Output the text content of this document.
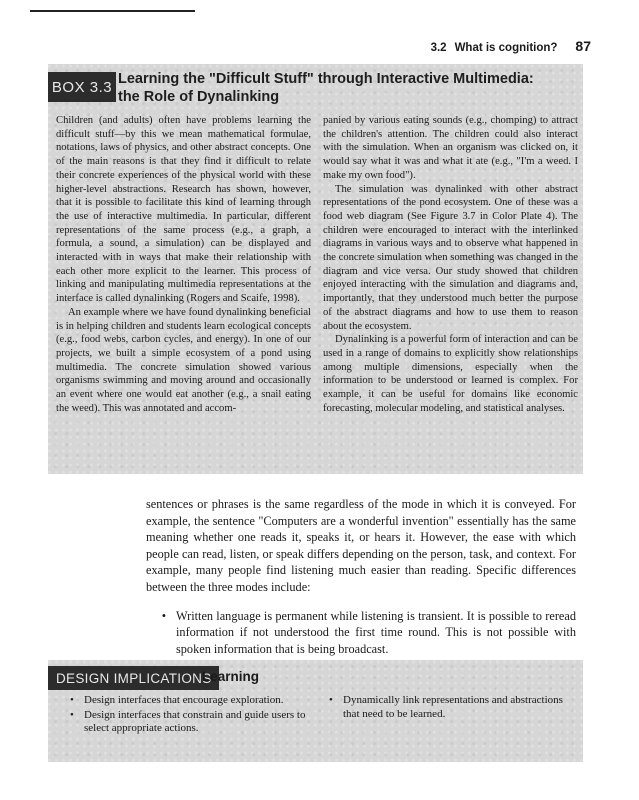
3.2 What is cognition? 87
BOX 3.3 Learning the "Difficult Stuff" through Interactive Multimedia:
the Role of Dynalinking

Children (and adults) often have problems learning the difficult stuff—by this we mean mathematical formulae, notations, laws of physics, and other abstract concepts. One of the main reasons is that they find it difficult to relate their concrete experiences of the physical world with these higher-level abstractions. Research has shown, however, that it is possible to facilitate this kind of learning through the use of interactive multimedia. In particular, different representations of the same process (e.g., a graph, a formula, a sound, a simulation) can be displayed and interacted with in ways that make their relationship with each other more explicit to the learner. This process of linking and manipulating multimedia representations at the interface is called dynalinking (Rogers and Scaife, 1998).

An example where we have found dynalinking beneficial is in helping children and students learn ecological concepts (e.g., food webs, carbon cycles, and energy). In one of our projects, we built a simple ecosystem of a pond using multimedia. The concrete simulation showed various organisms swimming and moving around and occasionally an event where one would eat another (e.g., a snail eating the weed). This was annotated and accom-

panied by various eating sounds (e.g., chomping) to attract the children's attention. The children could also interact with the simulation. When an organism was clicked on, it would say what it was and what it ate (e.g., "I'm a weed. I make my own food").

The simulation was dynalinked with other abstract representations of the pond ecosystem. One of these was a food web diagram (See Figure 3.7 in Color Plate 4). The children were encouraged to interact with the interlinked diagrams in various ways and to observe what happened in the concrete simulation when something was changed in the diagram and vice versa. Our study showed that children enjoyed interacting with the simulation and diagrams and, importantly, that they understood much better the purpose of the abstract diagrams and how to use them to reason about the ecosystem.

Dynalinking is a powerful form of interaction and can be used in a range of domains to explicitly show relationships among multiple dimensions, especially when the information to be understood or learned is complex. For example, it can be useful for domains like economic forecasting, molecular modeling, and statistical analyses.

sentences or phrases is the same regardless of the mode in which it is conveyed. For example, the sentence "Computers are a wonderful invention" essentially has the same meaning whether one reads it, speaks it, or hears it. However, the ease with which people can read, listen, or speak differs depending on the person, task, and context. For example, many people find listening much easier than reading. Specific differences between the three modes include:

• Written language is permanent while listening is transient. It is possible to reread information if not understood the first time round. This is not possible with spoken information that is being broadcast.
DESIGN IMPLICATIONS
Learning
• Design interfaces that encourage exploration.
• Design interfaces that constrain and guide users to select appropriate actions.
• Dynamically link representations and abstractions that need to be learned.
